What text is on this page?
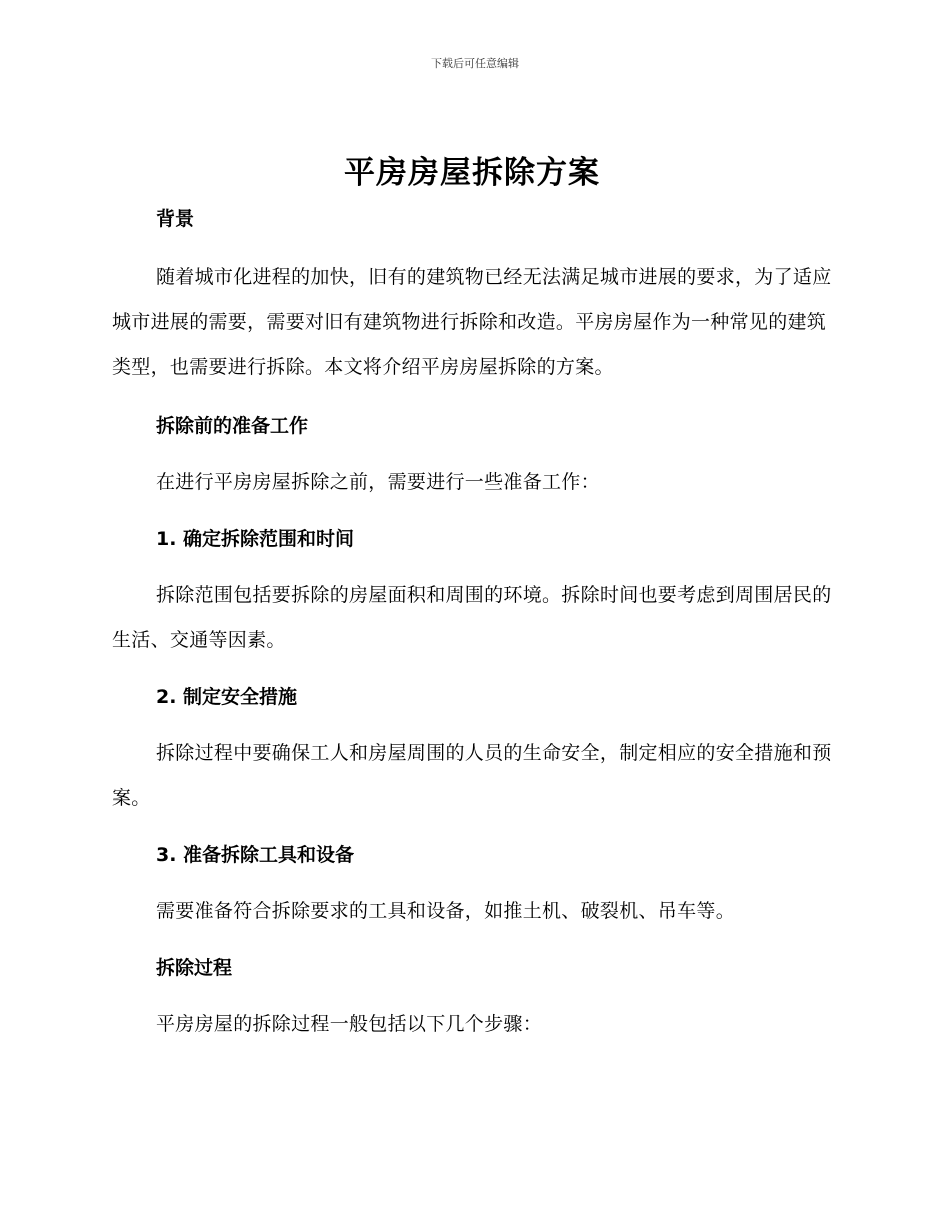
下载后可任意编辑
平房房屋拆除方案
背景

随着城市化进程的加快，旧有的建筑物已经无法满足城市进展的要求，为了适应城市进展的需要，需要对旧有建筑物进行拆除和改造。平房房屋作为一种常见的建筑类型，也需要进行拆除。本文将介绍平房房屋拆除的方案。

拆除前的准备工作

在进行平房房屋拆除之前，需要进行一些准备工作：

1. 确定拆除范围和时间

拆除范围包括要拆除的房屋面积和周围的环境。拆除时间也要考虑到周围居民的生活、交通等因素。

2. 制定安全措施

拆除过程中要确保工人和房屋周围的人员的生命安全，制定相应的安全措施和预案。

3. 准备拆除工具和设备

需要准备符合拆除要求的工具和设备，如推土机、破裂机、吊车等。

拆除过程

平房房屋的拆除过程一般包括以下几个步骤：
